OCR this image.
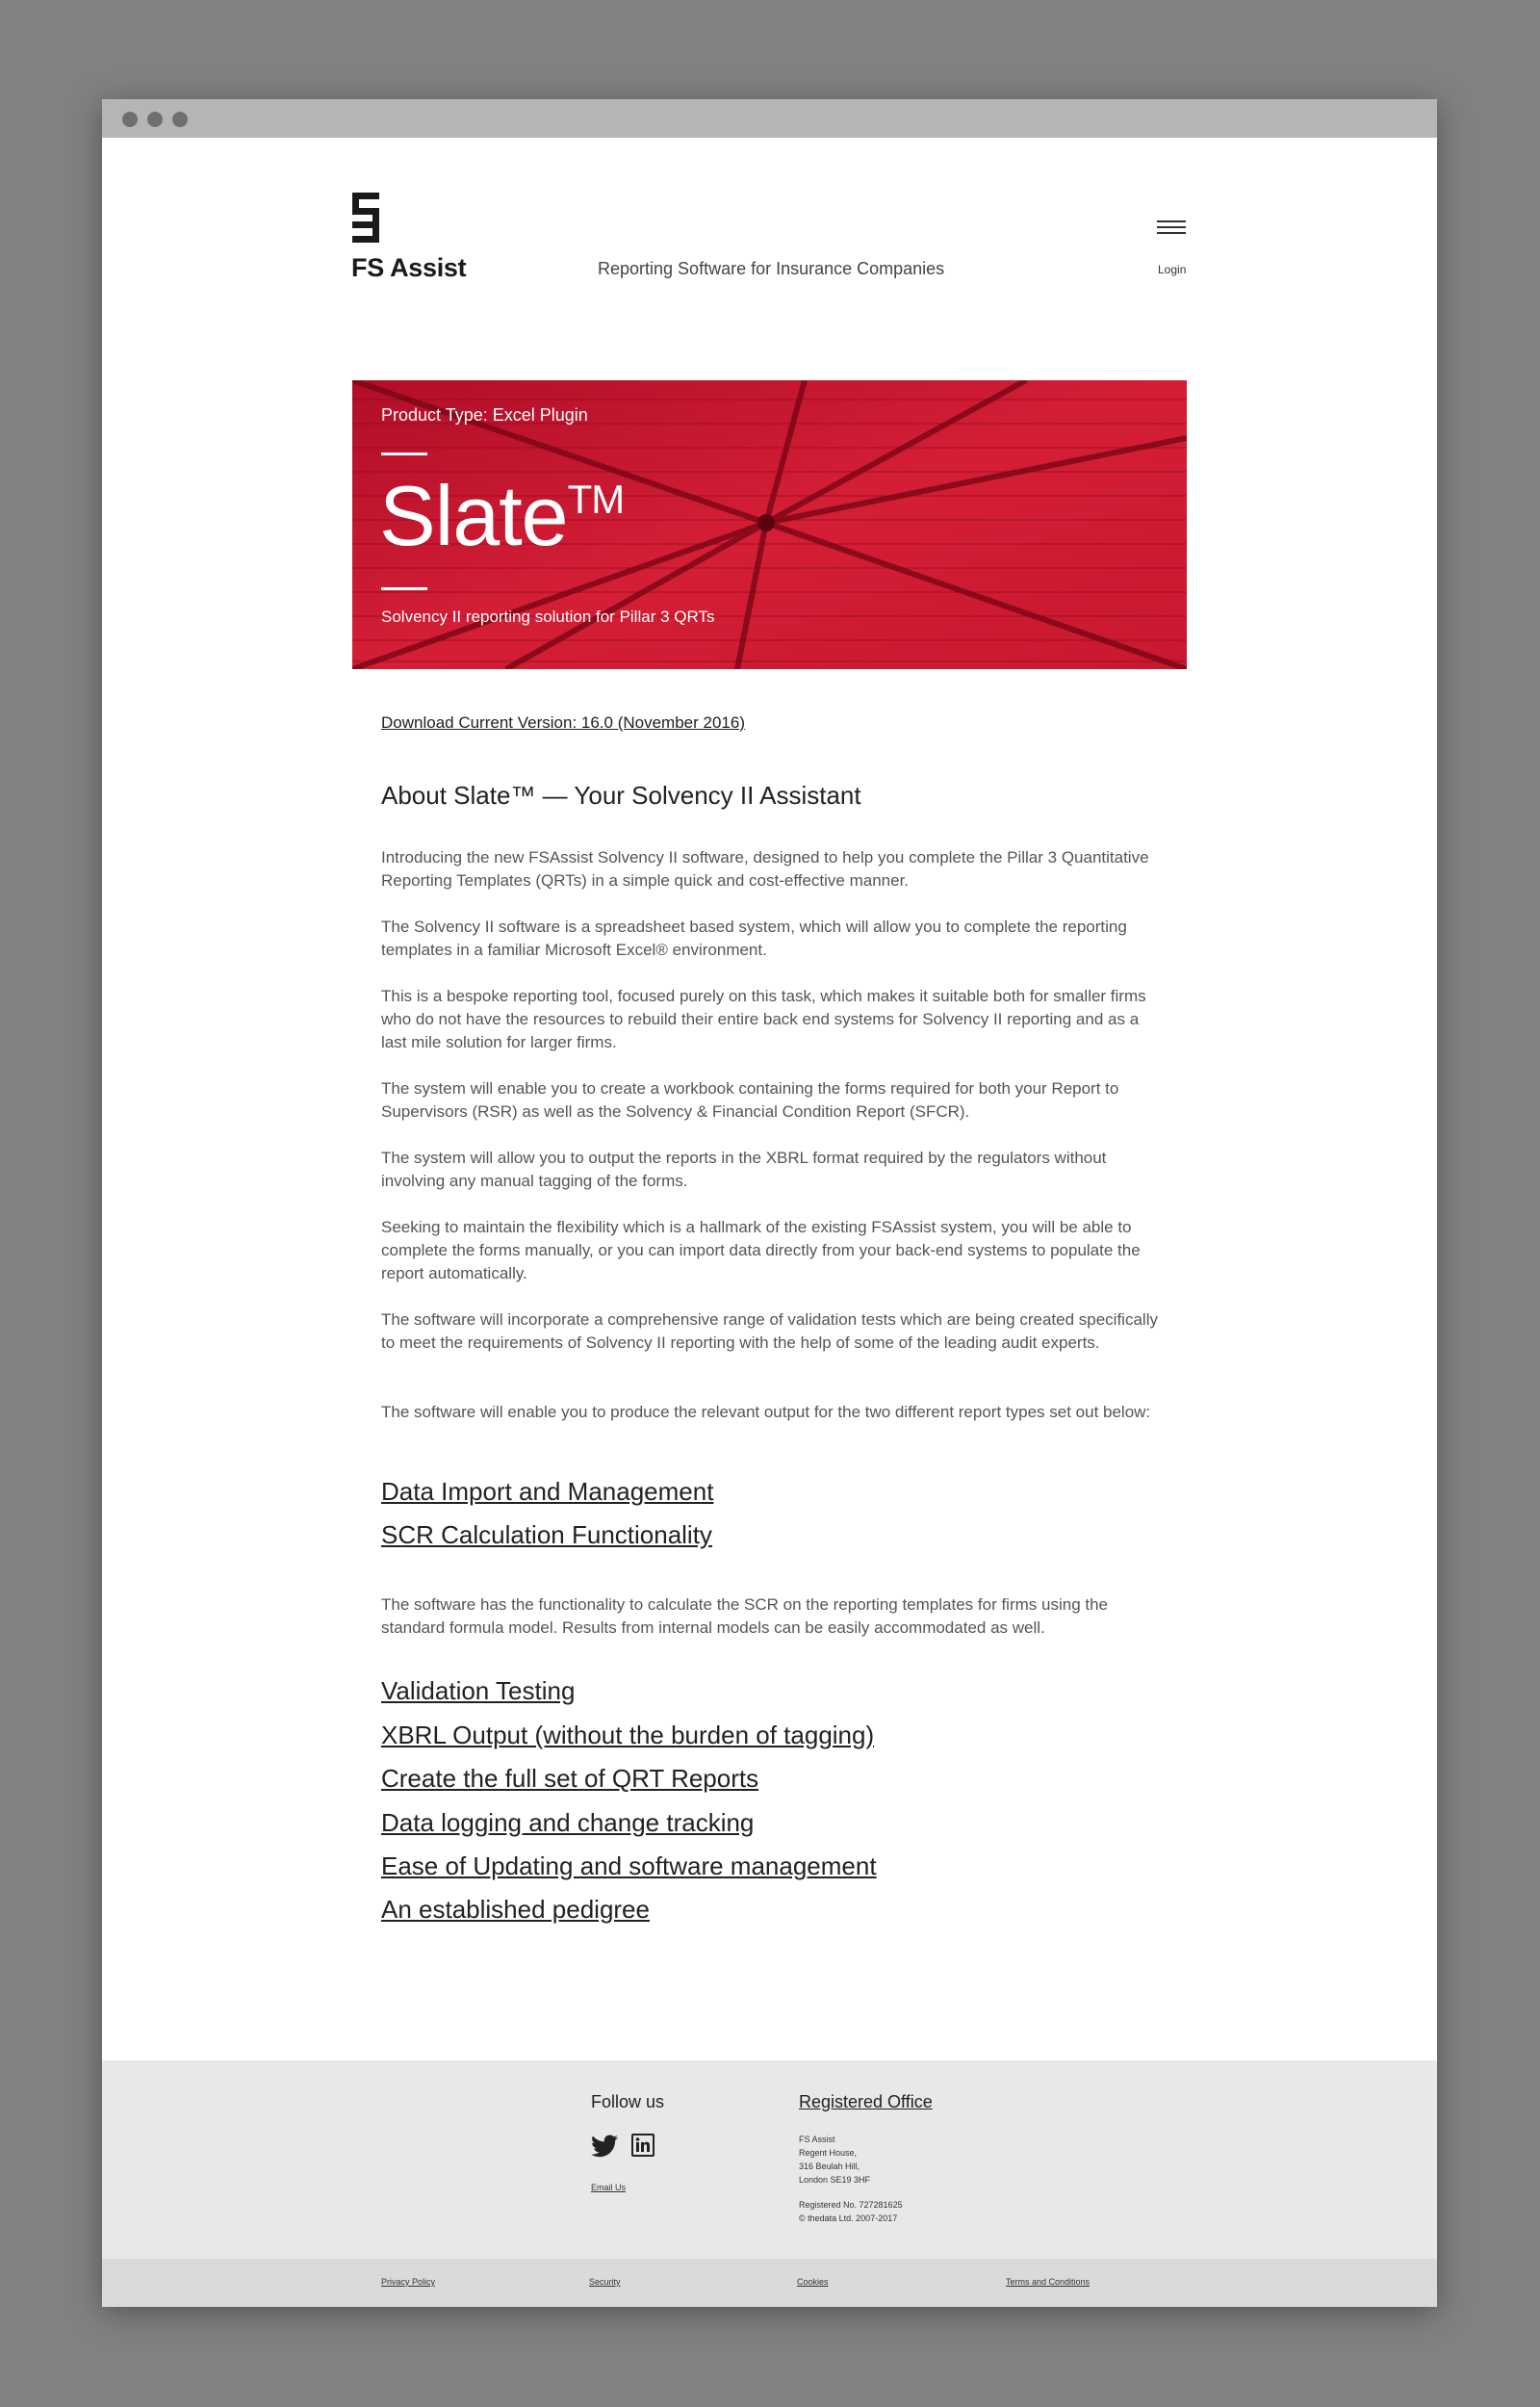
FS Assist	Reporting Software for Insurance Companies	Login
Product Type: Excel Plugin
Slate™
Solvency II reporting solution for Pillar 3 QRTs
Download Current Version: 16.0 (November 2016)
About Slate™ — Your Solvency II Assistant

Introducing the new FSAssist Solvency II software, designed to help you complete the Pillar 3 Quantitative Reporting Templates (QRTs) in a simple quick and cost-effective manner.

The Solvency II software is a spreadsheet based system, which will allow you to complete the reporting templates in a familiar Microsoft Excel® environment.

This is a bespoke reporting tool, focused purely on this task, which makes it suitable both for smaller firms who do not have the resources to rebuild their entire back end systems for Solvency II reporting and as a last mile solution for larger firms.

The system will enable you to create a workbook containing the forms required for both your Report to Supervisors (RSR) as well as the Solvency & Financial Condition Report (SFCR).

The system will allow you to output the reports in the XBRL format required by the regulators without involving any manual tagging of the forms.

Seeking to maintain the flexibility which is a hallmark of the existing FSAssist system, you will be able to complete the forms manually, or you can import data directly from your back-end systems to populate the report automatically.

The software will incorporate a comprehensive range of validation tests which are being created specifically to meet the requirements of Solvency II reporting with the help of some of the leading audit experts.

The software will enable you to produce the relevant output for the two different report types set out below:

Data Import and Management
SCR Calculation Functionality

The software has the functionality to calculate the SCR on the reporting templates for firms using the standard formula model. Results from internal models can be easily accommodated as well.

Validation Testing
XBRL Output (without the burden of tagging)
Create the full set of QRT Reports
Data logging and change tracking
Ease of Updating and software management
An established pedigree
Follow us
Email Us
Registered Office

FS Assist

Regent House,

316 Beulah Hill,

London SE19 3HF

Registered No. 727281625

© thedata Ltd. 2007-2017

Privacy Policy	Security	Cookies	Terms and Conditions
